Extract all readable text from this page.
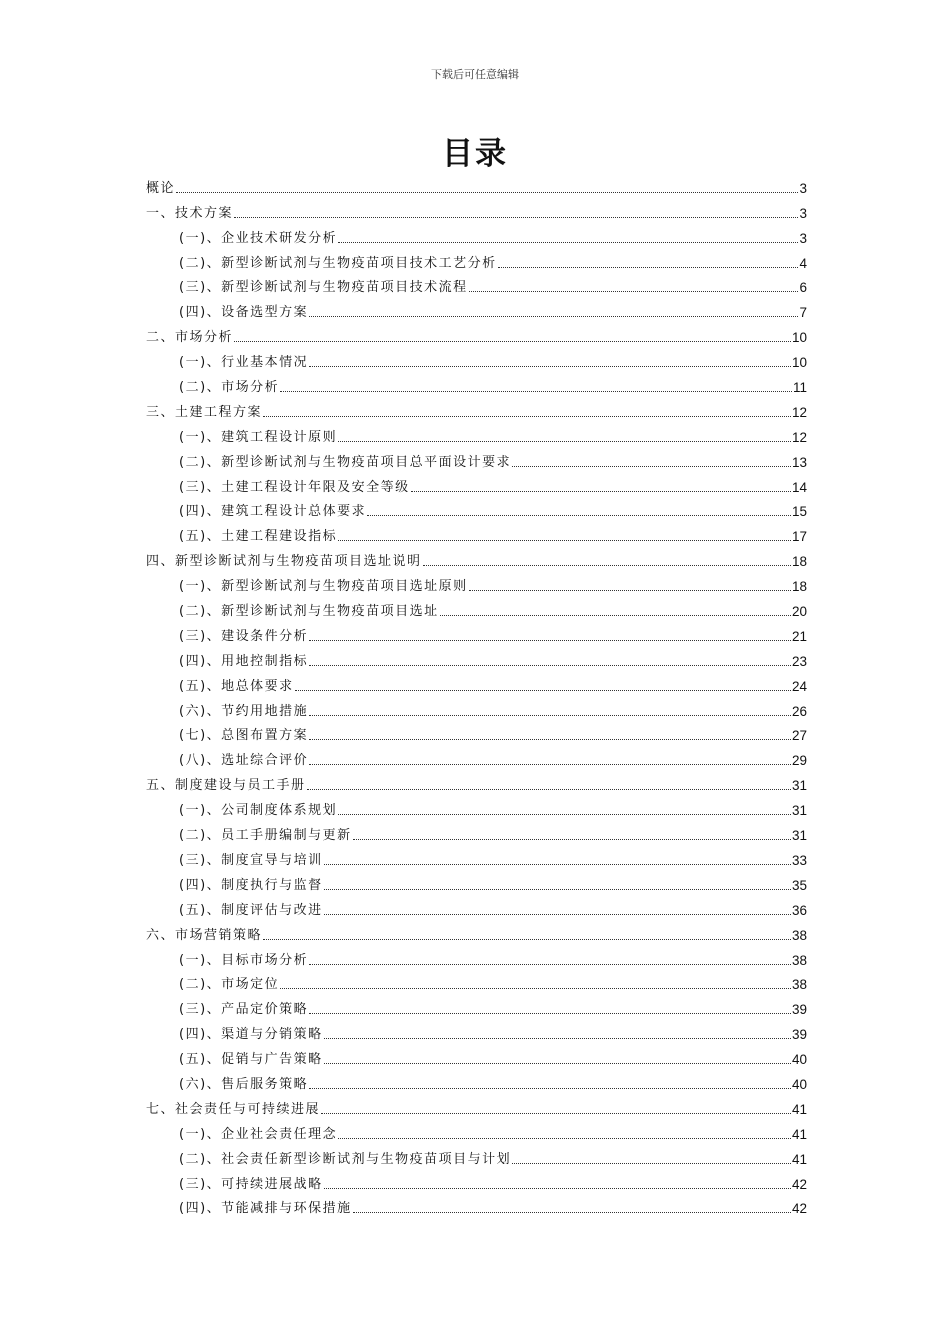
下载后可任意编辑
目录
概论	3
一、技术方案	3
(一)、企业技术研发分析	3
(二)、新型诊断试剂与生物疫苗项目技术工艺分析	4
(三)、新型诊断试剂与生物疫苗项目技术流程	6
(四)、设备选型方案	7
二、市场分析	10
(一)、行业基本情况	10
(二)、市场分析	11
三、土建工程方案	12
(一)、建筑工程设计原则	12
(二)、新型诊断试剂与生物疫苗项目总平面设计要求	13
(三)、土建工程设计年限及安全等级	14
(四)、建筑工程设计总体要求	15
(五)、土建工程建设指标	17
四、新型诊断试剂与生物疫苗项目选址说明	18
(一)、新型诊断试剂与生物疫苗项目选址原则	18
(二)、新型诊断试剂与生物疫苗项目选址	20
(三)、建设条件分析	21
(四)、用地控制指标	23
(五)、地总体要求	24
(六)、节约用地措施	26
(七)、总图布置方案	27
(八)、选址综合评价	29
五、制度建设与员工手册	31
(一)、公司制度体系规划	31
(二)、员工手册编制与更新	31
(三)、制度宣导与培训	33
(四)、制度执行与监督	35
(五)、制度评估与改进	36
六、市场营销策略	38
(一)、目标市场分析	38
(二)、市场定位	38
(三)、产品定价策略	39
(四)、渠道与分销策略	39
(五)、促销与广告策略	40
(六)、售后服务策略	40
七、社会责任与可持续进展	41
(一)、企业社会责任理念	41
(二)、社会责任新型诊断试剂与生物疫苗项目与计划	41
(三)、可持续进展战略	42
(四)、节能减排与环保措施	42
